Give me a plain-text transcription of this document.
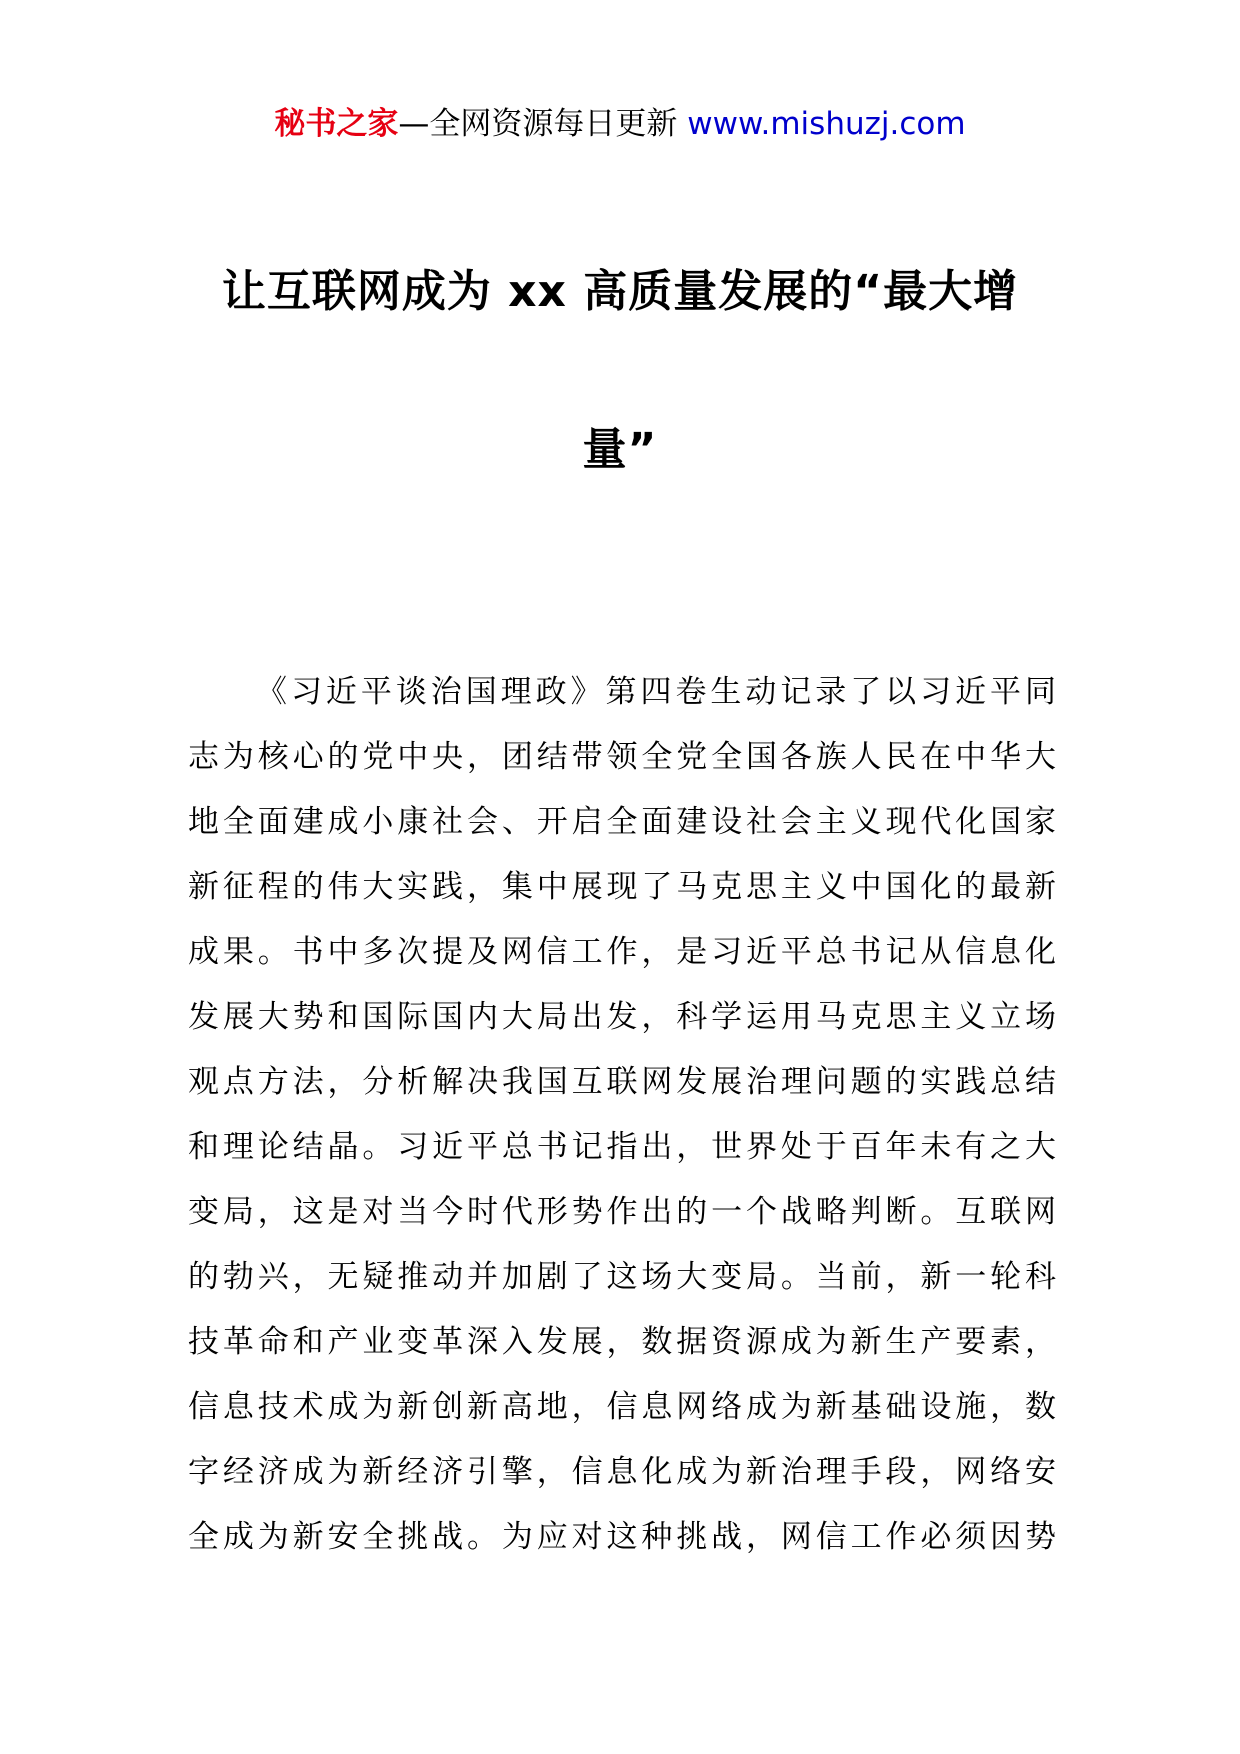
秘书之家—全网资源每日更新 www.mishuzj.com
让互联网成为 xx 高质量发展的“最大增
量”
《习近平谈治国理政》第四卷生动记录了以习近平同
志为核心的党中央，团结带领全党全国各族人民在中华大
地全面建成小康社会、开启全面建设社会主义现代化国家
新征程的伟大实践，集中展现了马克思主义中国化的最新
成果。书中多次提及网信工作，是习近平总书记从信息化
发展大势和国际国内大局出发，科学运用马克思主义立场
观点方法，分析解决我国互联网发展治理问题的实践总结
和理论结晶。习近平总书记指出，世界处于百年未有之大
变局，这是对当今时代形势作出的一个战略判断。互联网
的勃兴，无疑推动并加剧了这场大变局。当前，新一轮科
技革命和产业变革深入发展，数据资源成为新生产要素，
信息技术成为新创新高地，信息网络成为新基础设施，数
字经济成为新经济引擎，信息化成为新治理手段，网络安
全成为新安全挑战。为应对这种挑战，网信工作必须因势
